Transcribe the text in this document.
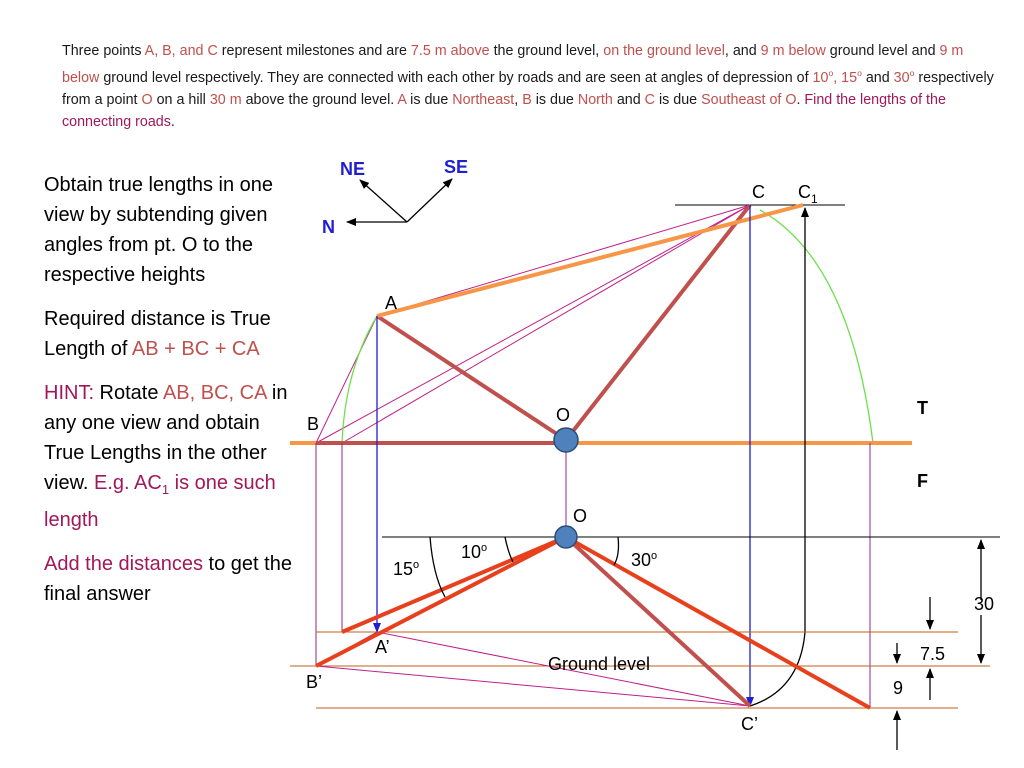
Three points A, B, and C represent milestones and are 7.5 m above the ground level, on the ground level, and 9 m below ground level and 9 m below ground level respectively. They are connected with each other by roads and are seen at angles of depression of 10$^o$, 15$^o$ and 30$^o$ respectively from a point O on a hill 30 m above the ground level. A is due Northeast, B is due North and C is due Southeast of O. Find the lengths of the connecting roads.

Obtain true lengths in one view by subtending given angles from pt. O to the respective heights

Required distance is True Length of AB + BC + CA

HINT: Rotate AB, BC, CA in any one view and obtain True Lengths in the other view. E.g. $AC_1$ is one such length

Add the distances to get the final answer

NE	SE
N
C $C_1$
A
B	O
O
T
F
A’
B’
C’
Ground level
10$^o$
15$^o$	30$^o$
30
7.5
9
